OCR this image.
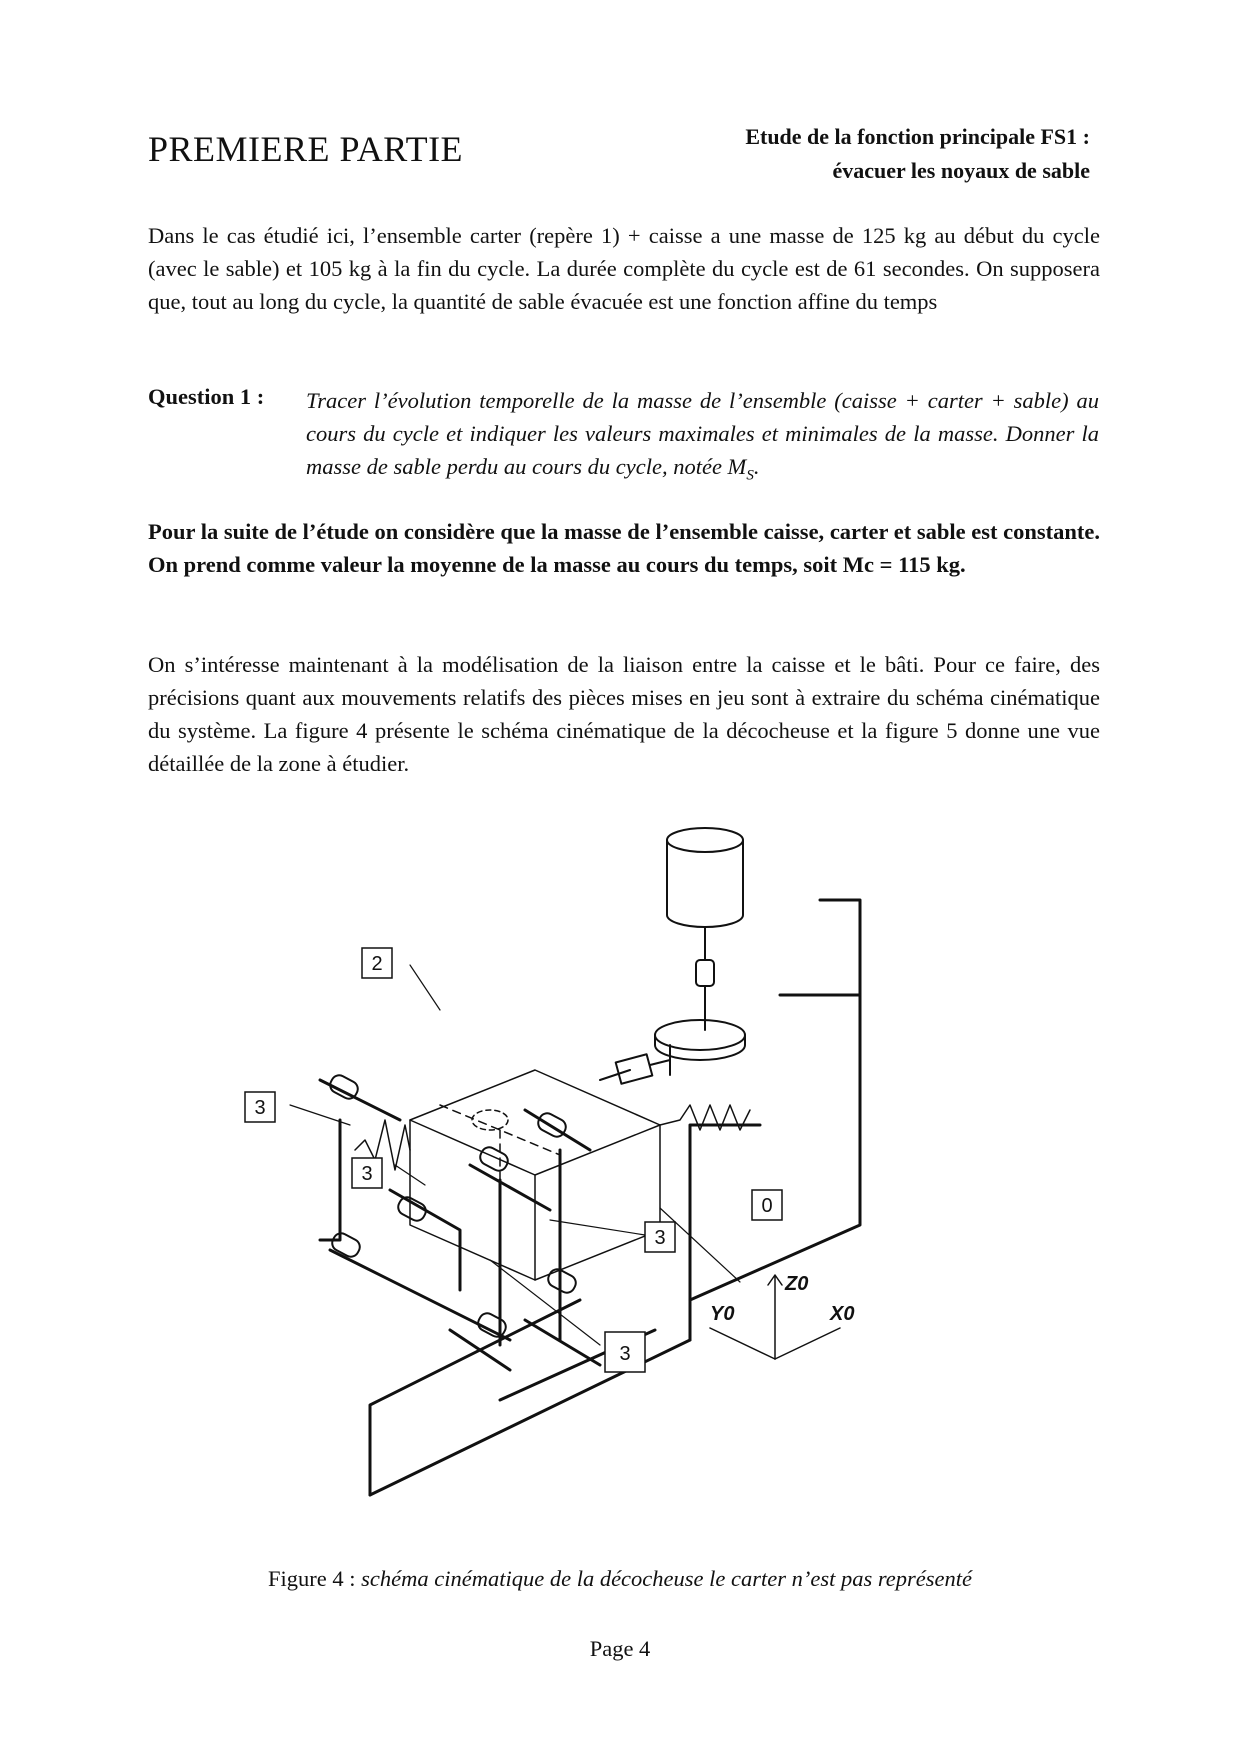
PREMIERE PARTIE	Etude de la fonction principale FS1 :
évacuer les noyaux de sable
Dans le cas étudié ici, l’ensemble carter (repère 1) + caisse a une masse de 125 kg au début du cycle (avec le sable) et 105 kg à la fin du cycle. La durée complète du cycle est de 61 secondes. On supposera que, tout au long du cycle, la quantité de sable évacuée est une fonction affine du temps
Question 1 : Tracer l’évolution temporelle de la masse de l’ensemble (caisse + carter + sable) au cours du cycle et indiquer les valeurs maximales et minimales de la masse. Donner la masse de sable perdu au cours du cycle, notée $M_S$.
Pour la suite de l’étude on considère que la masse de l’ensemble caisse, carter et sable est constante. On prend comme valeur la moyenne de la masse au cours du temps, soit Mc = 115 kg.
On s’intéresse maintenant à la modélisation de la liaison entre la caisse et le bâti. Pour ce faire, des précisions quant aux mouvements relatifs des pièces mises en jeu sont à extraire du schéma cinématique du système. La figure 4 présente le schéma cinématique de la décocheuse et la figure 5 donne une vue détaillée de la zone à étudier.
2
3
3
0
3
3
Z0
Y0	X0
Figure 4 : schéma cinématique de la décocheuse le carter n’est pas représenté
Page 4
